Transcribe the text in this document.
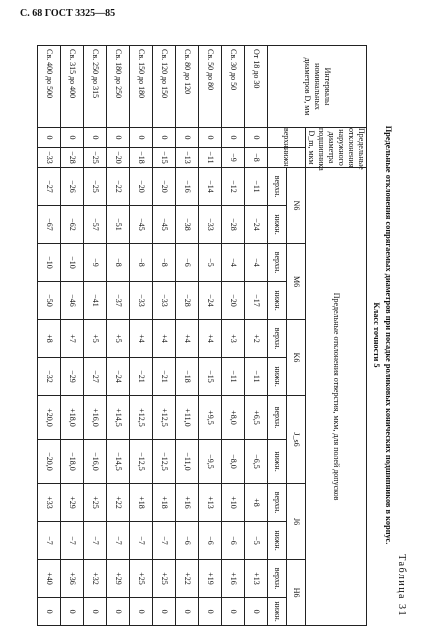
С. 68 ГОСТ 3325—85
Таблица 31
Предельные отклонения сопрягаемых диаметров при посадке роликовых конических подшипников в корпус.
Класс точности 5
Интервалы номинальных диаметров D, мм	Предельные отклонения наружного диаметра подшипника D_m, мкм		Предельные отклонения отверстия, мкм, для полей допусков											
	верхн.	нижн.	N6		M6		K6		J_s6		J6		H6	
			верхн.	нижн.	верхн.	нижн.	верхн.	нижн.	верхн.	нижн.	верхн.	нижн.	верхн.	нижн.
От 18 до 30	0	−8	−11	−24	−4	−17	+2	−11	+6,5	−6,5	+8	−5	+13	0
Св. 30 до 50	0	−9	−12	−28	−4	−20	+3	−11	+8,0	−8,0	+10	−6	+16	0
Св. 50 до 80	0	−11	−14	−33	−5	−24	+4	−15	+9,5	−9,5	+13	−6	+19	0
Св. 80 до 120	0	−13	−16	−38	−6	−28	+4	−18	+11,0	−11,0	+16	−6	+22	0
Св. 120 до 150	0	−15	−20	−45	−8	−33	+4	−21	+12,5	−12,5	+18	−7	+25	0
Св. 150 до 180	0	−18	−20	−45	−8	−33	+4	−21	+12,5	−12,5	+18	−7	+25	0
Св. 180 до 250	0	−20	−22	−51	−8	−37	+5	−24	+14,5	−14,5	+22	−7	+29	0
Св. 250 до 315	0	−25	−25	−57	−9	−41	+5	−27	+16,0	−16,0	+25	−7	+32	0
Св. 315 до 400	0	−28	−26	−62	−10	−46	+7	−29	+18,0	−18,0	+29	−7	+36	0
Св. 400 до 500	0	−33	−27	−67	−10	−50	+8	−32	+20,0	−20,0	+33	−7	+40	0
